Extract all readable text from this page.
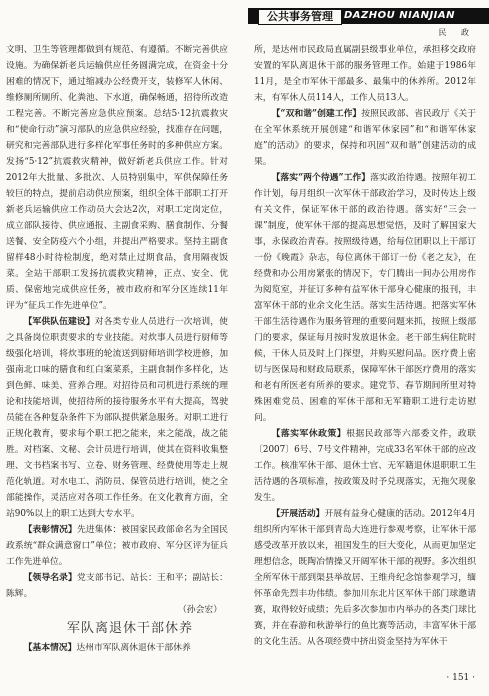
公共事务管理	DAZHOU NIANJIAN
民 政

文明、卫生等管理都做到有规范、有遵循。不断完善供应设施。为确保新老兵运输供应任务圆满完成，在资金十分困难的情况下，通过缩减办公经费开支，装修军人休闲、维修厕所厕所、化粪池、下水道，确保畅通，招待所改造工程完善。不断完善应急供应预案。总结5·12抗震救灾和“使命行动”演习部队的应急供应经验，找准存在问题，研究和完善部队进行多样化军事任务时的多种供应方案。发扬“5·12”抗震救灾精神，做好新老兵供应工作。针对2012年大批量、多批次、人员特别集中，军供保障任务较巨的特点，提前启动供应预案，组织全体干部职工打开新老兵运输供应工作动员大会达2次，对职工定岗定位，成立部队接待、供应通报、主副食采购、膳食制作、分餐送餐、安全防疫六个小组，并提出严格要求。坚持主副食留样48小时待检制度，绝对禁止过期食品，食用隔夜饭菜。全站干部职工发扬抗震救灾精神，正点、安全、优质、保密地完成供应任务，被市政府和军分区连续11年评为“征兵工作先进单位”。

【军供队伍建设】对各类专业人员进行一次培训，使之具备岗位职责要求的专业技能。对炊事人员进行厨师等级强化培训，将炊事班的轮流送到厨师培训学校进修，加强南北口味的膳食和红白案菜系，主副食制作多样化，达到色鲜、味美、营养合理。对招待员和司机进行系统的理论和技能培训，使招待所的接待服务水平有大提高，驾驶员能在各种复杂条件下为部队提供紧急服务。对职工进行正规化教育，要求每个职工把之能来，来之能战，战之能胜。对档案、文秘、会计员进行培训，使其在资料收集整理、文书档案书写、立卷、财务管理、经费使用等走上规范化轨道。对水电工、消防员、保管员进行培训，使之全部能操作，灵活应对各项工作任务。在文化教育方面，全站90%以上的职工达到大专水平。

【表彰情况】先进集体：被国家民政部命名为全国民政系统“群众满意窗口”单位；被市政府、军分区评为征兵工作先进单位。

【领导名录】党支部书记、站长：王和平；副站长：陈辉。

（孙会宏）

军队离退休干部休养

【基本情况】达州市军队离休退休干部休养

所，是达州市民政局直属副县级事业单位，承担移交政府安置的军队离退休干部的服务管理工作。始建于1986年11月，是全市军休干部最多、最集中的休养所。2012年末，有军休人员114人，工作人员13人。

【“双和谐”创建工作】按照民政部、省民政厅《关于在全军休系统开展创建“和谐军休家园”和“和谐军休家庭”的活动》的要求，保持和巩固“双和谐”创建活动的成果。

【落实“两个待遇”工作】落实政治待遇。按照年初工作计划，每月组织一次军休干部政治学习，及时传达上级有关文件，保证军休干部的政治待遇。落实好“三会一课”制度，使军休干部的提高思想觉悟，及时了解国家大事，永保政治青春。按照级待遇，给每位团职以上干部订一份《晚霞》杂志，每位离休干部订一份《老之友》，在经费和办公用房紧张的情况下，专门腾出一间办公用房作为阅览室，并征订多种有益军休干部身心健康的报刊，丰富军休干部的业余文化生活。落实生活待遇。把落实军休干部生活待遇作为服务管理的重要问题来抓，按照上级部门的要求，保证每月按时发放退休金。老干部生病住院时候，干休人员及时上门探望，并购买慰问品。医疗费上密切与医保局和财政局联系，保障军休干部医疗费用的落实和老有所医老有所养的要求。建党节、春节期间所里对特殊困难党员、困难的军休干部和无军籍职工进行走访慰问。

【落实军休政策】根据民政部等六部委文件，政联〔2007〕6号、7号文件精神，完成33名军休干部的应改工作。核准军休干部、退休士官、无军籍退休退职职工生活待遇的各项标准，按政策及时予兑现落实，无拖欠现象发生。

【开展活动】开展有益身心健康的活动。2012年4月组织所内军休干部到青岛大连进行参观考察，让军休干部感受改革开放以来，祖国发生的巨大变化，从而更加坚定理想信念，既陶冶情操又开阔军休干部的视野。多次组织全所军休干部到渠县举故居、王维舟纪念馆参观学习，缅怀革命先烈丰功伟绩。参加川东北片区军休干部门球邀请赛，取得较好成绩；先后多次参加市内举办的各类门球比赛，并在春游和秋游举行的鱼比赛等活动，丰富军休干部的文化生活。从各项经费中挤出资金坚持为军休干

· 151 ·
